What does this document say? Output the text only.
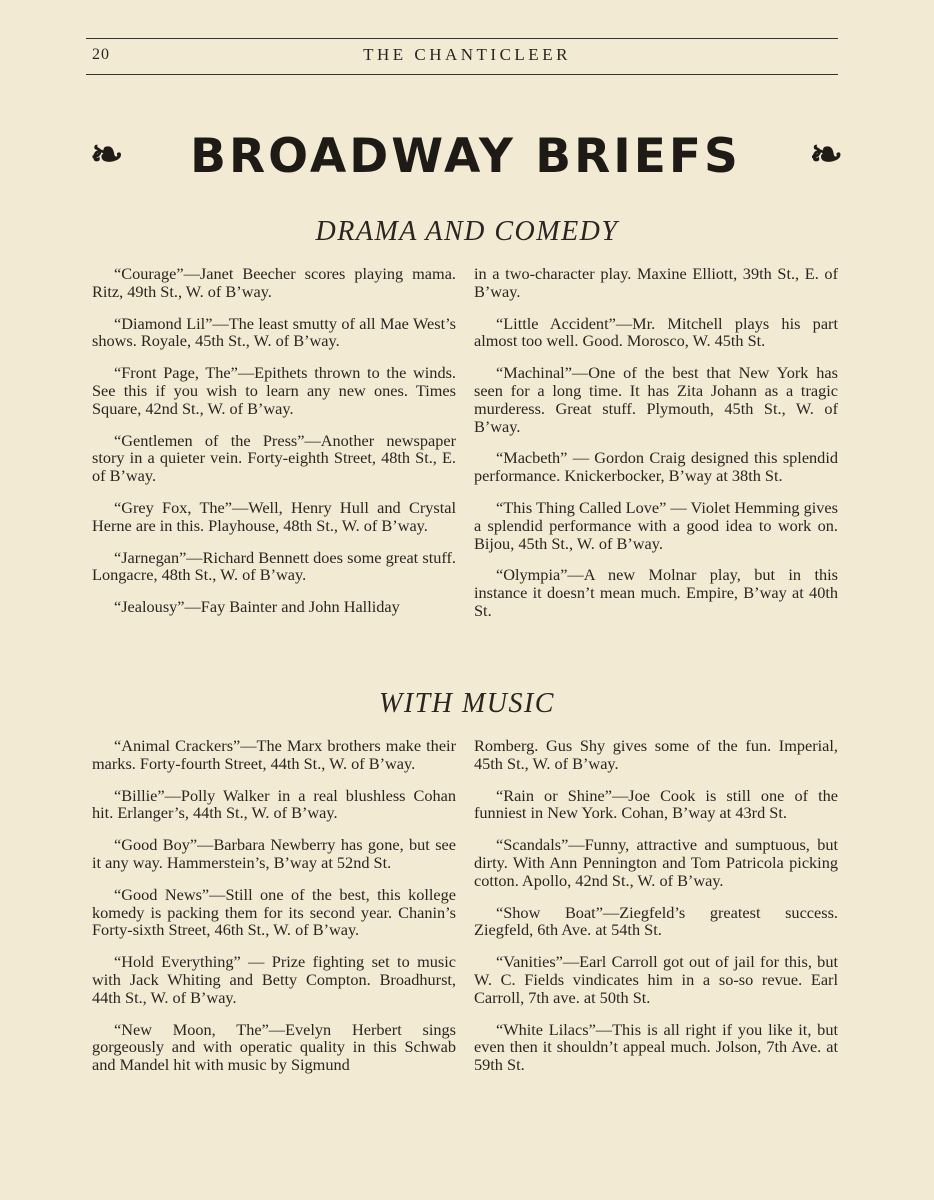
20	THE CHANTICLEER
❧	BROADWAY BRIEFS	❧
DRAMA AND COMEDY

“Courage”—Janet Beecher scores playing mama. Ritz, 49th St., W. of B’way.

“Diamond Lil”—The least smutty of all Mae West’s shows. Royale, 45th St., W. of B’way.

“Front Page, The”—Epithets thrown to the winds. See this if you wish to learn any new ones. Times Square, 42nd St., W. of B’way.

“Gentlemen of the Press”—Another newspaper story in a quieter vein. Forty-eighth Street, 48th St., E. of B’way.

“Grey Fox, The”—Well, Henry Hull and Crystal Herne are in this. Playhouse, 48th St., W. of B’way.

“Jarnegan”—Richard Bennett does some great stuff. Longacre, 48th St., W. of B’way.

“Jealousy”—Fay Bainter and John Halliday

in a two-character play. Maxine Elliott, 39th St., E. of B’way.

“Little Accident”—Mr. Mitchell plays his part almost too well. Good. Morosco, W. 45th St.

“Machinal”—One of the best that New York has seen for a long time. It has Zita Johann as a tragic murderess. Great stuff. Plymouth, 45th St., W. of B’way.

“Macbeth” — Gordon Craig designed this splendid performance. Knickerbocker, B’way at 38th St.

“This Thing Called Love” — Violet Hemming gives a splendid performance with a good idea to work on. Bijou, 45th St., W. of B’way.

“Olympia”—A new Molnar play, but in this instance it doesn’t mean much. Empire, B’way at 40th St.

WITH MUSIC

“Animal Crackers”—The Marx brothers make their marks. Forty-fourth Street, 44th St., W. of B’way.

“Billie”—Polly Walker in a real blushless Cohan hit. Erlanger’s, 44th St., W. of B’way.

“Good Boy”—Barbara Newberry has gone, but see it any way. Hammerstein’s, B’way at 52nd St.

“Good News”—Still one of the best, this kollege komedy is packing them for its second year. Chanin’s Forty-sixth Street, 46th St., W. of B’way.

“Hold Everything” — Prize fighting set to music with Jack Whiting and Betty Compton. Broadhurst, 44th St., W. of B’way.

“New Moon, The”—Evelyn Herbert sings gorgeously and with operatic quality in this Schwab and Mandel hit with music by Sigmund

Romberg. Gus Shy gives some of the fun. Imperial, 45th St., W. of B’way.

“Rain or Shine”—Joe Cook is still one of the funniest in New York. Cohan, B’way at 43rd St.

“Scandals”—Funny, attractive and sumptuous, but dirty. With Ann Pennington and Tom Patricola picking cotton. Apollo, 42nd St., W. of B’way.

“Show Boat”—Ziegfeld’s greatest success. Ziegfeld, 6th Ave. at 54th St.

“Vanities”—Earl Carroll got out of jail for this, but W. C. Fields vindicates him in a so-so revue. Earl Carroll, 7th ave. at 50th St.

“White Lilacs”—This is all right if you like it, but even then it shouldn’t appeal much. Jolson, 7th Ave. at 59th St.
